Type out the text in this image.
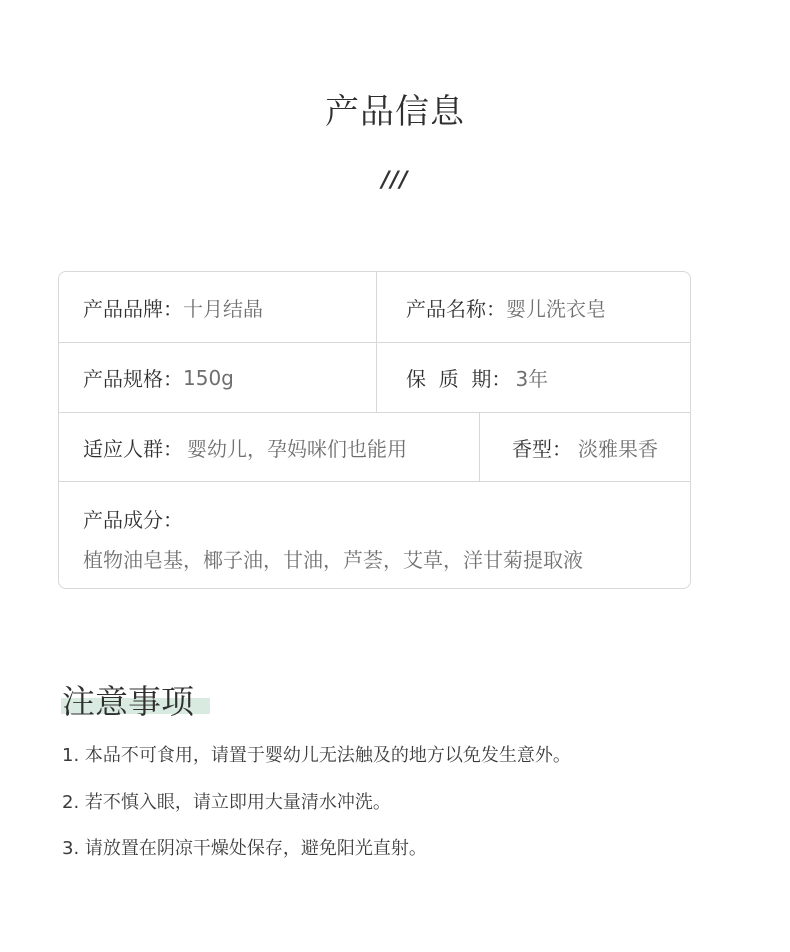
产品信息
///
产品品牌： 十月结晶	产品名称： 婴儿洗衣皂
产品规格： 150g	保  质  期： 3年
适应人群： 婴幼儿，孕妈咪们也能用	香型： 淡雅果香
产品成分：
植物油皂基，椰子油，甘油，芦荟，艾草，洋甘菊提取液
注意事项
1. 本品不可食用，请置于婴幼儿无法触及的地方以免发生意外。
2. 若不慎入眼，请立即用大量清水冲洗。
3. 请放置在阴凉干燥处保存，避免阳光直射。
